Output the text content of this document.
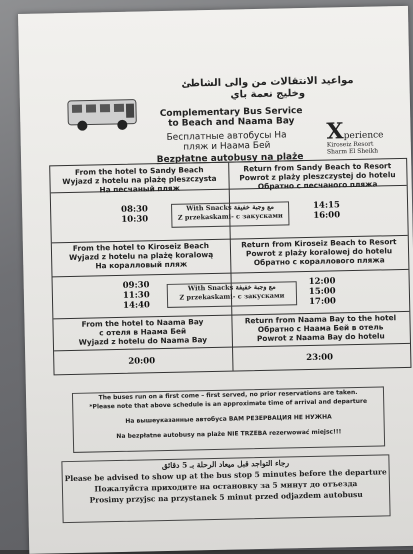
مواعيد الانتقالات من والى الشاطئ وخليج نعمة باي
Complementary Bus Service to Beach and Naama Bay
Бесплатные автобусы На пляж и Наама Бей
Bezpłatne autobusy na plaże
Xperience
Kiroseiz Resort
Sharm El Sheikh
From the hotel to Sandy Beach
Wyjazd z hotelu na plażę pleszczysta
На песчаный пляж
Return from Sandy Beach to Resort
Powrot z plaży pleszczystej do hotelu
Обратно с песчаного пляжа
08:30
10:30
With Snacks مع وجبة خفيفة
Z przekaskami- с закусками
14:15
16:00
From the hotel to Kiroseiz Beach
Wyjazd z hotelu na plażę koralową
На коралловый пляж
Return from Kiroseiz Beach to Resort
Powrot z plaży koralowej do hotelu
Обратно с кораллового пляжа
09:30
11:30
14:40
With Snacks مع وجبة خفيفة
Z przekaskami- с закусками
12:00
15:00
17:00
From the hotel to Naama Bay
с отеля в Наама Бей
Wyjazd z hotelu do Naama Bay
Return from Naama Bay to the hotel
Обратно с Наама Бей в отель
Powrot z Naama Bay do hotelu
20:00	23:00
The buses run on a first come – first served, no prior reservations are taken.
*Please note that above schedule is an approximate time of arrival and departure
На вышеуказанные автобуса ВАМ РЕЗЕРВАЦИЯ НЕ НУЖНА
Na bezpłatne autobusy na plaże NIE TRZEBA rezerwować miejsc!!!
رجاء التواجد قبل ميعاد الرحلة بـ 5 دقائق
Please be advised to show up at the bus stop 5 minutes before the departure
Пожалуйста приходите на остановку за 5 минут до отъезда
Prosimy przyjsc na przystanek 5 minut przed odjazdem autobusu
